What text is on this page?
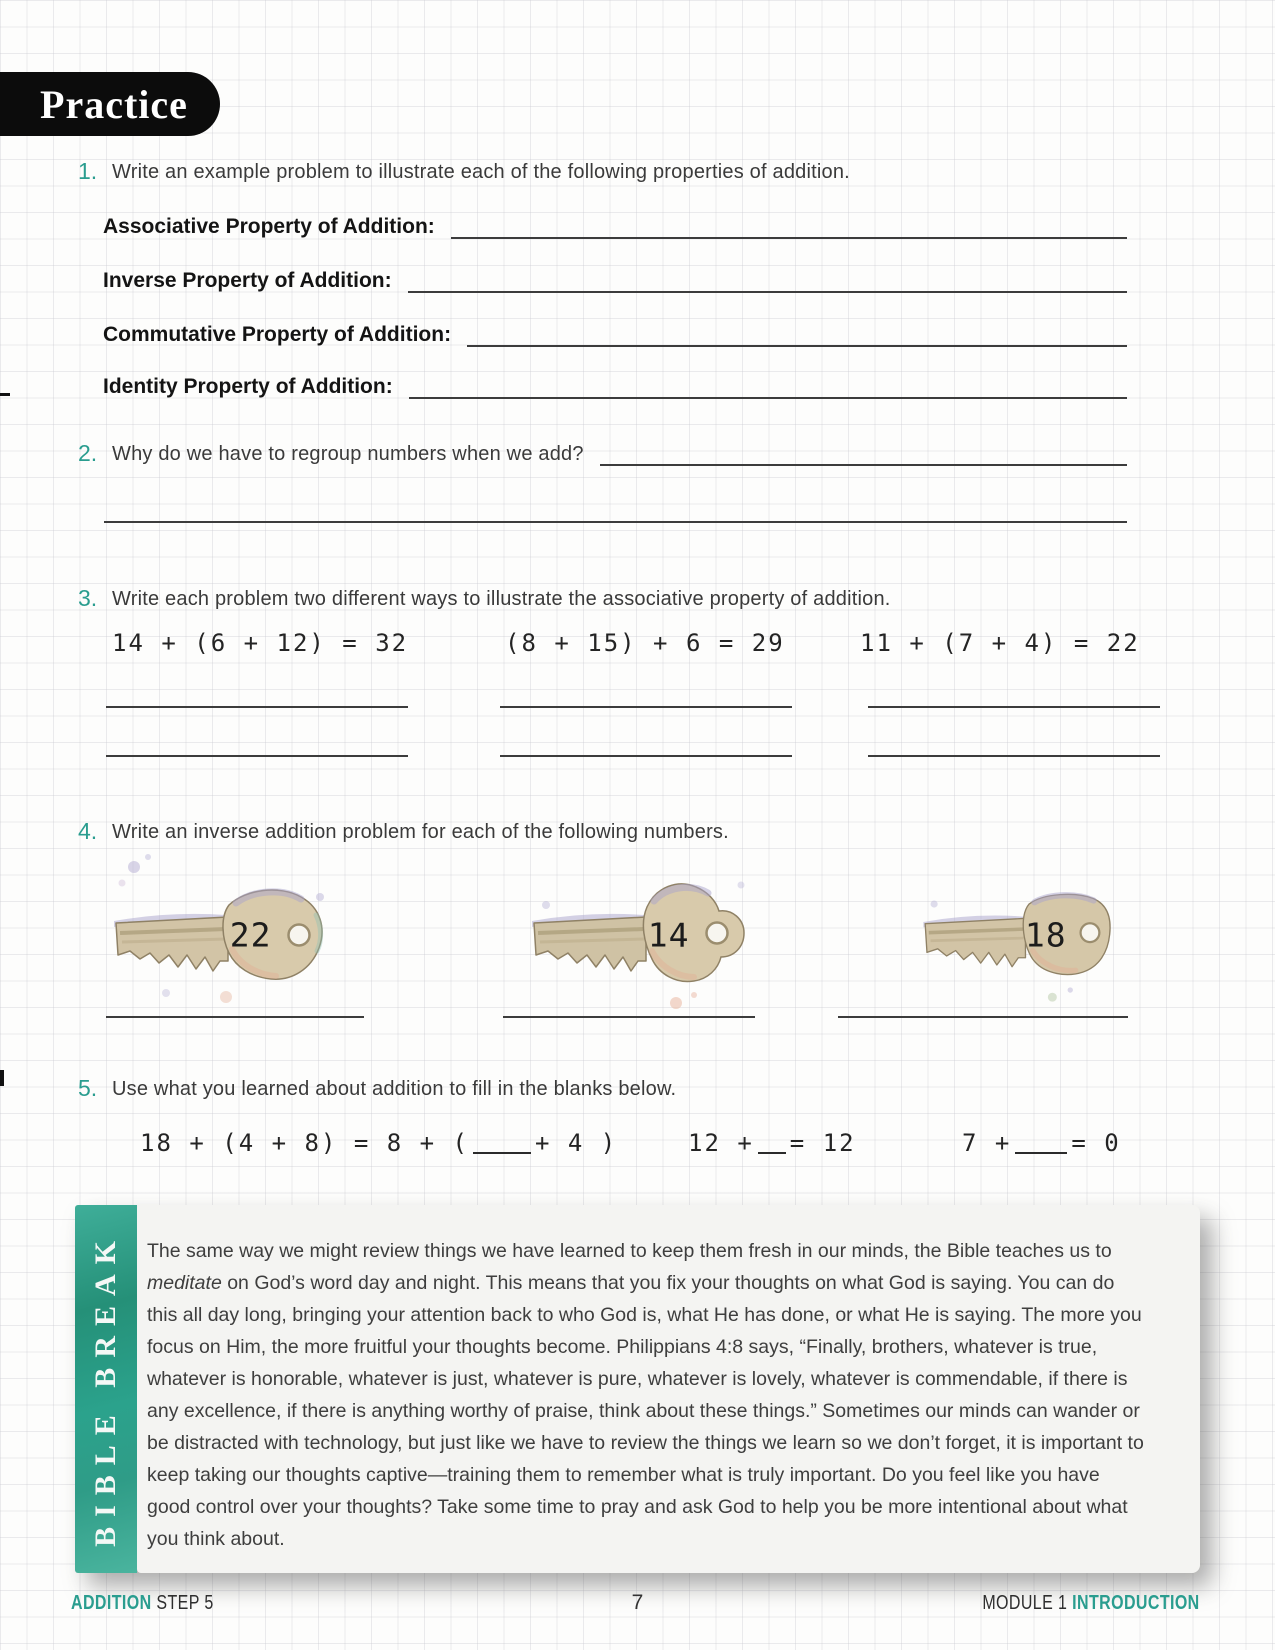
Practice
1. Write an example problem to illustrate each of the following properties of addition.
Associative Property of Addition:
Inverse Property of Addition:
Commutative Property of Addition:
Identity Property of Addition:
2. Why do we have to regroup numbers when we add?
3. Write each problem two different ways to illustrate the associative property of addition.
14 + (6 + 12) = 32	(8 + 15) + 6 = 29	11 + (7 + 4) = 22
4. Write an inverse addition problem for each of the following numbers.
22	14	18
5. Use what you learned about addition to fill in the blanks below.
18 + (4 + 8) = 8 + (	+ 4 )	12 + = 12	7 +	= 0
BIBLE BREAK	The same way we might review things we have learned to keep them fresh in our minds, the Bible teaches us to meditate on God’s word day and night. This means that you fix your thoughts on what God is saying. You can do this all day long, bringing your attention back to who God is, what He has done, or what He is saying. The more you focus on Him, the more fruitful your thoughts become. Philippians 4:8 says, “Finally, brothers, whatever is true, whatever is honorable, whatever is just, whatever is pure, whatever is lovely, whatever is commendable, if there is any excellence, if there is anything worthy of praise, think about these things.” Sometimes our minds can wander or be distracted with technology, but just like we have to review the things we learn so we don’t forget, it is important to keep taking our thoughts captive—training them to remember what is truly important. Do you feel like you have good control over your thoughts? Take some time to pray and ask God to help you be more intentional about what you think about.

ADDITION STEP 5	7	MODULE 1 INTRODUCTION
